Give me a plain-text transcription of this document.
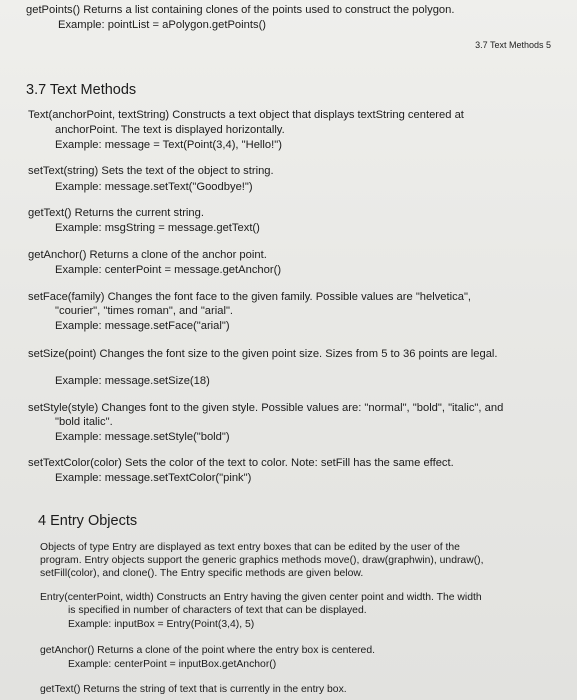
getPoints() Returns a list containing clones of the points used to construct the polygon.
Example: pointList = aPolygon.getPoints()
3.7 Text Methods 5
3.7 Text Methods
Text(anchorPoint, textString) Constructs a text object that displays textString centered at
anchorPoint. The text is displayed horizontally.
Example: message = Text(Point(3,4), "Hello!")
setText(string) Sets the text of the object to string.
Example: message.setText("Goodbye!")
getText() Returns the current string.
Example: msgString = message.getText()
getAnchor() Returns a clone of the anchor point.
Example: centerPoint = message.getAnchor()
setFace(family) Changes the font face to the given family. Possible values are "helvetica",
"courier", "times roman", and "arial".
Example: message.setFace("arial")
setSize(point) Changes the font size to the given point size. Sizes from 5 to 36 points are legal.
Example: message.setSize(18)
setStyle(style) Changes font to the given style. Possible values are: "normal", "bold", "italic", and
"bold italic".
Example: message.setStyle("bold")
setTextColor(color) Sets the color of the text to color. Note: setFill has the same effect.
Example: message.setTextColor("pink")
4 Entry Objects
Objects of type Entry are displayed as text entry boxes that can be edited by the user of the
program. Entry objects support the generic graphics methods move(), draw(graphwin), undraw(),
setFill(color), and clone(). The Entry specific methods are given below.
Entry(centerPoint, width) Constructs an Entry having the given center point and width. The width
is specified in number of characters of text that can be displayed.
Example: inputBox = Entry(Point(3,4), 5)
getAnchor() Returns a clone of the point where the entry box is centered.
Example: centerPoint = inputBox.getAnchor()
getText() Returns the string of text that is currently in the entry box.
